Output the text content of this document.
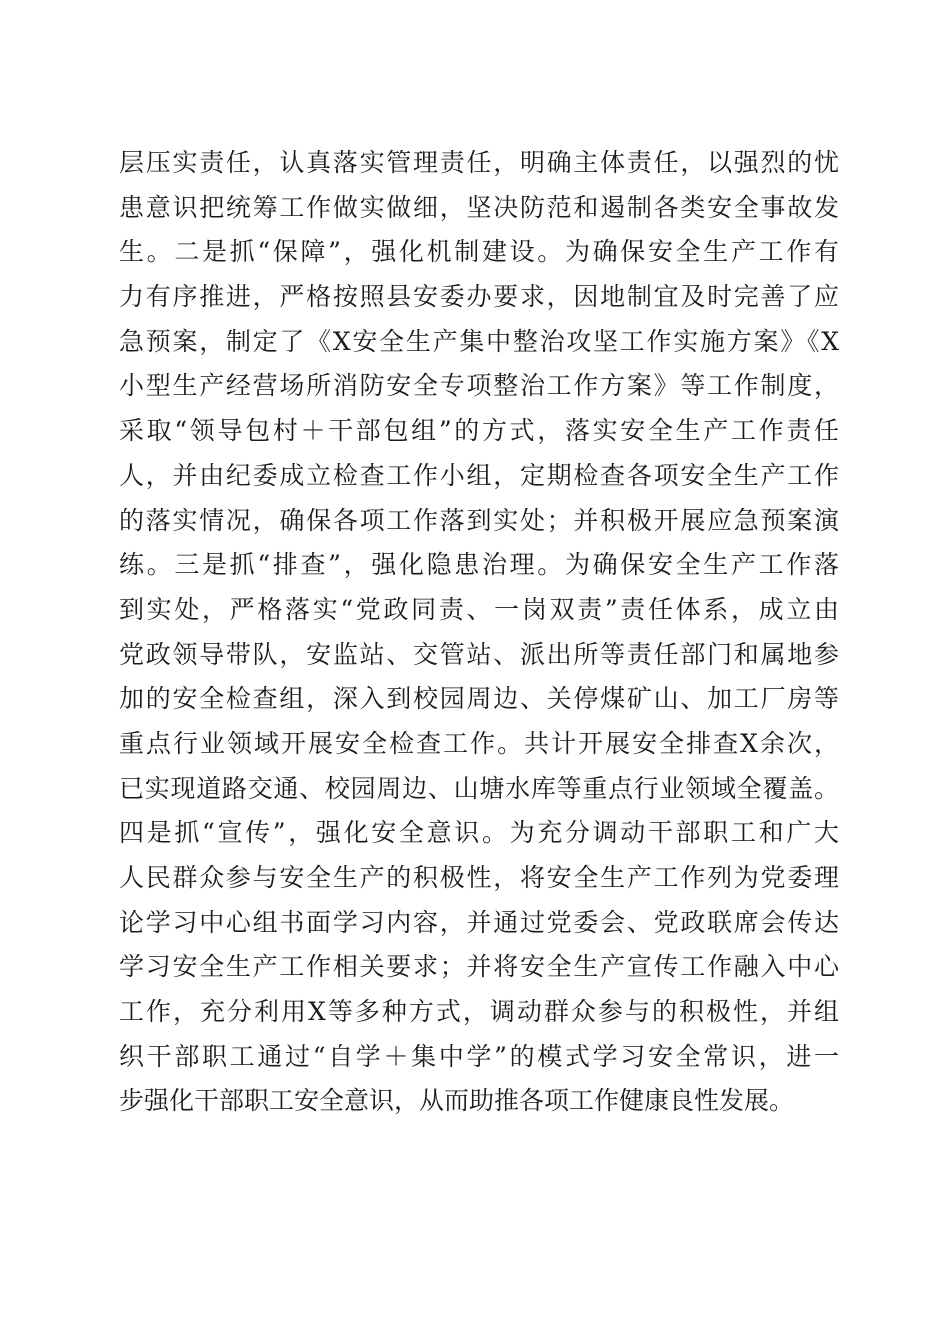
层压实责任，认真落实管理责任，明确主体责任，以强烈的忧
患意识把统筹工作做实做细，坚决防范和遏制各类安全事故发
生。二是抓“保障”，强化机制建设。为确保安全生产工作有
力有序推进，严格按照县安委办要求，因地制宜及时完善了应
急预案，制定了《X安全生产集中整治攻坚工作实施方案》《X
小型生产经营场所消防安全专项整治工作方案》等工作制度，
采取“领导包村＋干部包组”的方式，落实安全生产工作责任
人，并由纪委成立检查工作小组，定期检查各项安全生产工作
的落实情况，确保各项工作落到实处；并积极开展应急预案演
练。三是抓“排查”，强化隐患治理。为确保安全生产工作落
到实处，严格落实“党政同责、一岗双责”责任体系，成立由
党政领导带队，安监站、交管站、派出所等责任部门和属地参
加的安全检查组，深入到校园周边、关停煤矿山、加工厂房等
重点行业领域开展安全检查工作。共计开展安全排查X余次，
已实现道路交通、校园周边、山塘水库等重点行业领域全覆盖。
四是抓“宣传”，强化安全意识。为充分调动干部职工和广大
人民群众参与安全生产的积极性，将安全生产工作列为党委理
论学习中心组书面学习内容，并通过党委会、党政联席会传达
学习安全生产工作相关要求；并将安全生产宣传工作融入中心
工作，充分利用X等多种方式，调动群众参与的积极性，并组
织干部职工通过“自学＋集中学”的模式学习安全常识，进一
步强化干部职工安全意识，从而助推各项工作健康良性发展。
